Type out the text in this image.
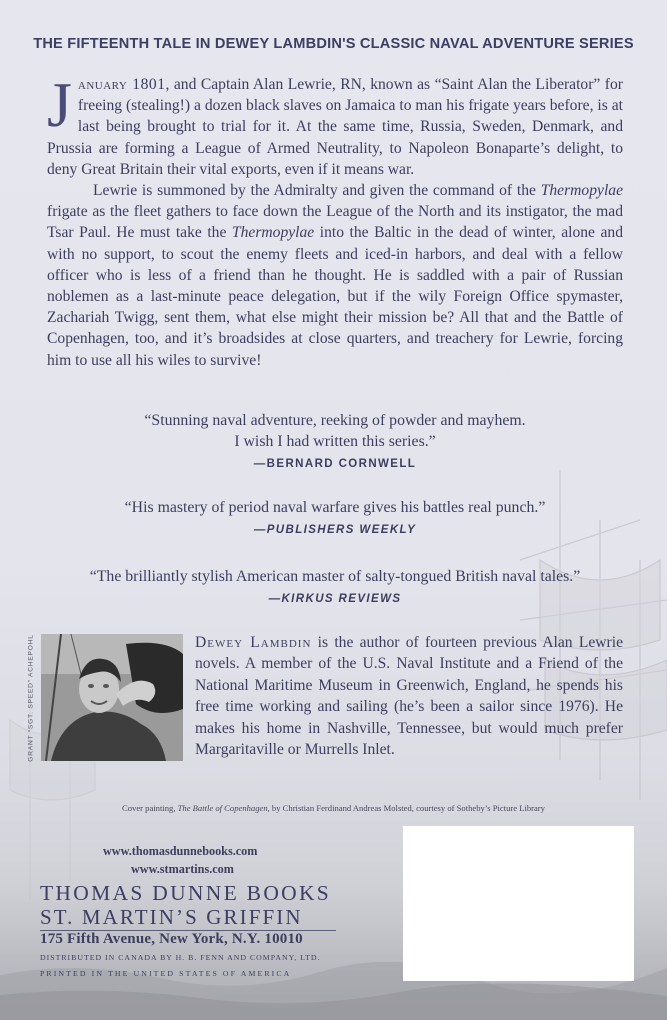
THE FIFTEENTH TALE IN DEWEY LAMBDIN'S CLASSIC NAVAL ADVENTURE SERIES

January 1801, and Captain Alan Lewrie, RN, known as “Saint Alan the Liberator” for freeing (stealing!) a dozen black slaves on Jamaica to man his frigate years before, is at last being brought to trial for it. At the same time, Russia, Sweden, Denmark, and Prussia are forming a League of Armed Neutrality, to Napoleon Bonaparte’s delight, to deny Great Britain their vital exports, even if it means war.

Lewrie is summoned by the Admiralty and given the command of the Thermopylae frigate as the fleet gathers to face down the League of the North and its instigator, the mad Tsar Paul. He must take the Thermopylae into the Baltic in the dead of winter, alone and with no support, to scout the enemy fleets and iced-in harbors, and deal with a fellow officer who is less of a friend than he thought. He is saddled with a pair of Russian noblemen as a last-minute peace delegation, but if the wily Foreign Office spymaster, Zachariah Twigg, sent them, what else might their mission be? All that and the Battle of Copenhagen, too, and it’s broadsides at close quarters, and treachery for Lewrie, forcing him to use all his wiles to survive!

“Stunning naval adventure, reeking of powder and mayhem.
I wish I had written this series.”
—BERNARD CORNWELL
“His mastery of period naval warfare gives his battles real punch.”
—PUBLISHERS WEEKLY
“The brilliantly stylish American master of salty-tongued British naval tales.”
—KIRKUS REVIEWS
GRANT “SGT. SPEED” ACHEPOHL	Dewey Lambdin is the author of fourteen previous Alan Lewrie novels. A member of the U.S. Naval Institute and a Friend of the National Maritime Museum in Greenwich, England, he spends his free time working and sailing (he’s been a sailor since 1976). He makes his home in Nashville, Tennessee, but would much prefer Margaritaville or Murrells Inlet.
Cover painting, The Battle of Copenhagen, by Christian Ferdinand Andreas Molsted, courtesy of Sotheby’s Picture Library
www.thomasdunnebooks.com
www.stmartins.com
THOMAS DUNNE BOOKS
ST. MARTIN’S GRIFFIN
175 Fifth Avenue, New York, N.Y. 10010
DISTRIBUTED IN CANADA BY H. B. FENN AND COMPANY, LTD.
PRINTED IN THE UNITED STATES OF AMERICA
